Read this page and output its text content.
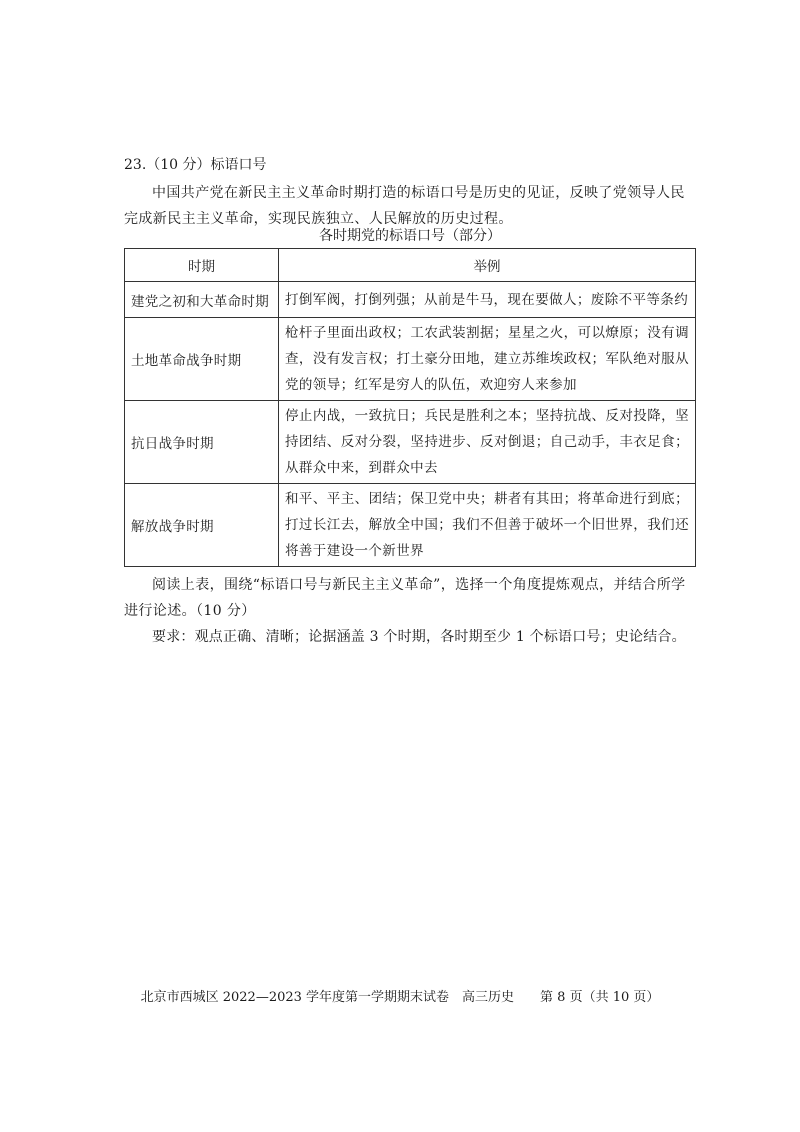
23.（10 分）标语口号
中国共产党在新民主主义革命时期打造的标语口号是历史的见证，反映了党领导人民完成新民主主义革命，实现民族独立、人民解放的历史过程。
各时期党的标语口号（部分）
时期	举例
建党之初和大革命时期	打倒军阀，打倒列强；从前是牛马，现在要做人；废除不平等条约
土地革命战争时期	枪杆子里面出政权；工农武装割据；星星之火，可以燎原；没有调查，没有发言权；打土豪分田地，建立苏维埃政权；军队绝对服从党的领导；红军是穷人的队伍，欢迎穷人来参加
抗日战争时期	停止内战，一致抗日；兵民是胜利之本；坚持抗战、反对投降，坚持团结、反对分裂，坚持进步、反对倒退；自己动手，丰衣足食；从群众中来，到群众中去
解放战争时期	和平、平主、团结；保卫党中央；耕者有其田；将革命进行到底；打过长江去，解放全中国；我们不但善于破坏一个旧世界，我们还将善于建设一个新世界
阅读上表，围绕“标语口号与新民主主义革命”，选择一个角度提炼观点，并结合所学进行论述。（10 分）
要求：观点正确、清晰；论据涵盖 3 个时期，各时期至少 1 个标语口号；史论结合。
北京市西城区 2022—2023 学年度第一学期期末试卷　高三历史　　第 8 页（共 10 页）
